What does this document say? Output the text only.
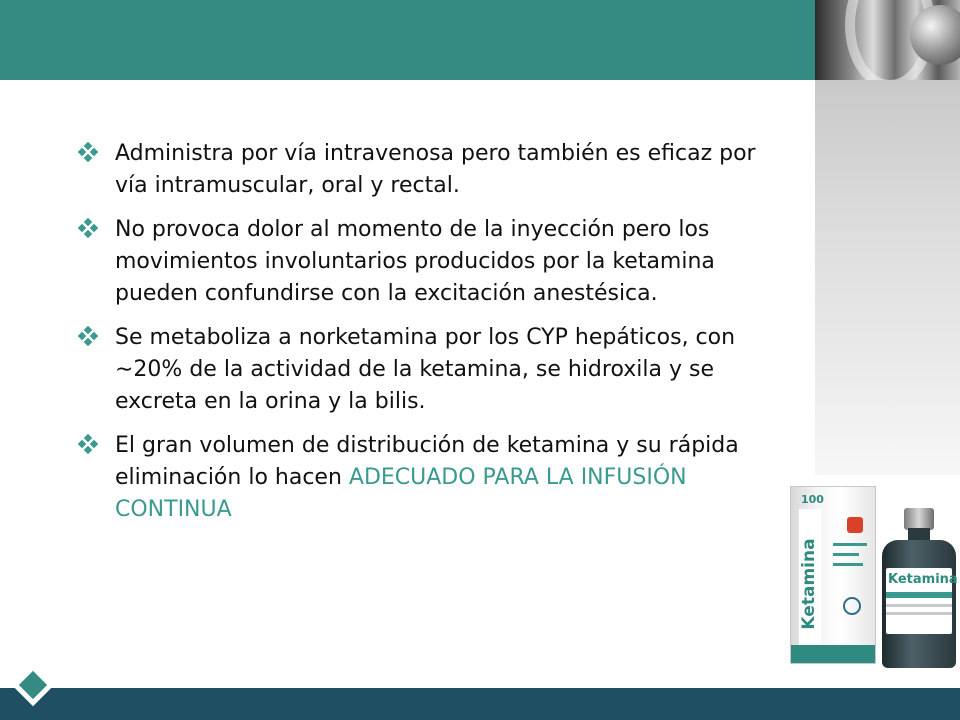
Administra por vía intravenosa pero también es eficaz por vía intramuscular, oral y rectal.
No provoca dolor al momento de la inyección pero los movimientos involuntarios producidos por la ketamina pueden confundirse con la excitación anestésica.
Se metaboliza a norketamina por los CYP hepáticos, con ∼20% de la actividad de la ketamina, se hidroxila y se excreta en la orina y la bilis.
El gran volumen de distribución de ketamina y su rápida eliminación lo hacen ADECUADO PARA LA INFUSIÓN CONTINUA	100
Ketamina	Ketamina
